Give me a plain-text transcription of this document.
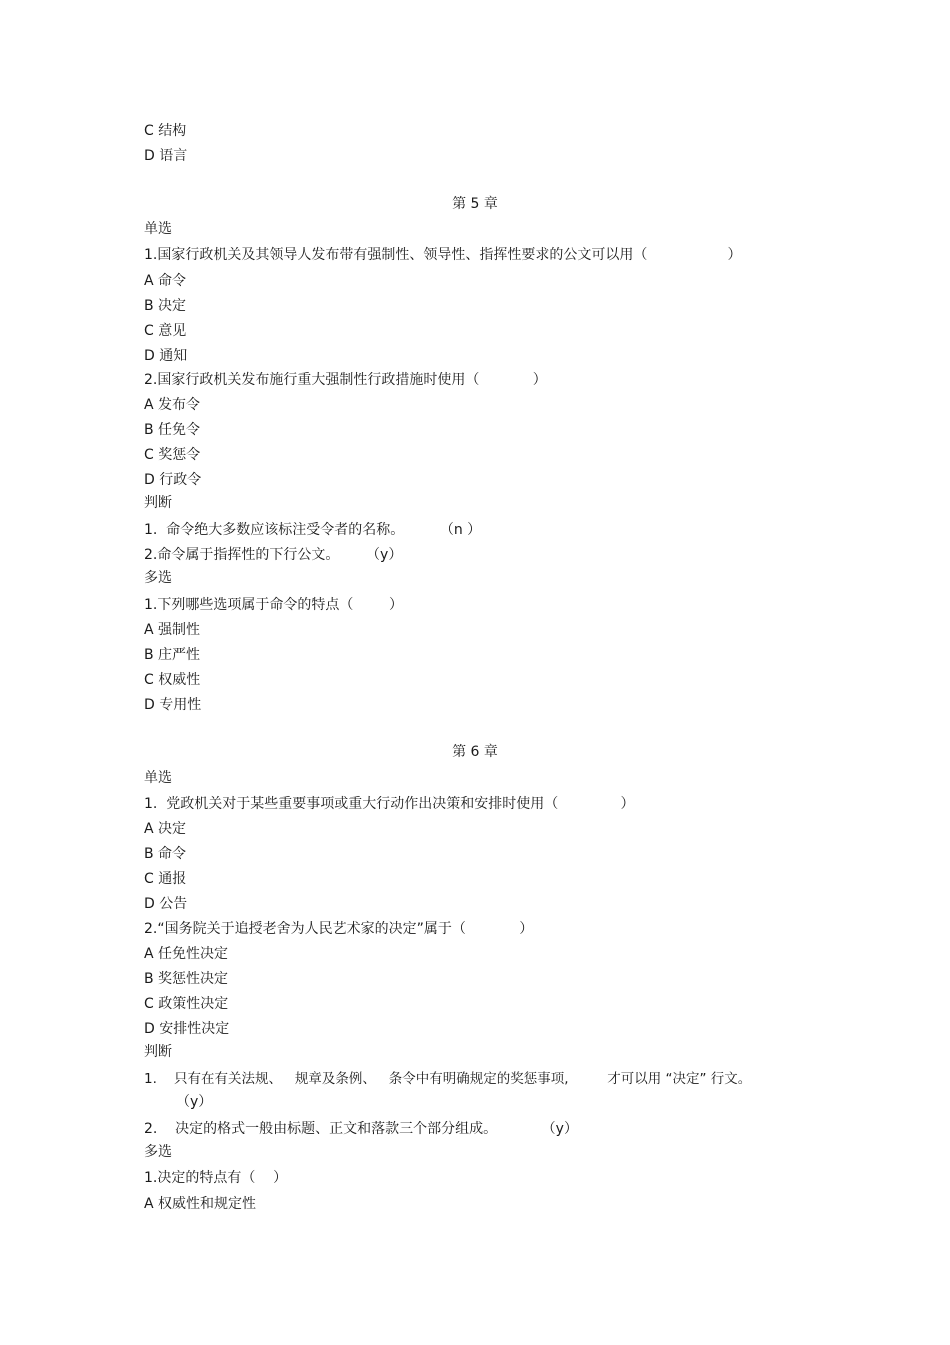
C 结构
D 语言
第 5 章
单选
1.国家行政机关及其领导人发布带有强制性、领导性、指挥性要求的公文可以用（                  ）
A 命令
B 决定
C 意见
D 通知
2.国家行政机关发布施行重大强制性行政措施时使用（            ）
A 发布令
B 任免令
C 奖惩令
D 行政令
判断
1.  命令绝大多数应该标注受令者的名称。        （n ）
2.命令属于指挥性的下行公文。      （y）
多选
1.下列哪些选项属于命令的特点（        ）
A 强制性
B 庄严性
C 权威性
D 专用性
第 6 章
单选
1.  党政机关对于某些重要事项或重大行动作出决策和安排时使用（              ）
A 决定
B 命令
C 通报
D 公告
2.“国务院关于追授老舍为人民艺术家的决定”属于（            ）
A 任免性决定
B 奖惩性决定
C 政策性决定
D 安排性决定
判断
1.    只有在有关法规、   规章及条例、   条令中有明确规定的奖惩事项,         才可以用 “决定” 行文。
（y）
2.    决定的格式一般由标题、正文和落款三个部分组成。          （y）
多选
1.决定的特点有（    ）
A 权威性和规定性
